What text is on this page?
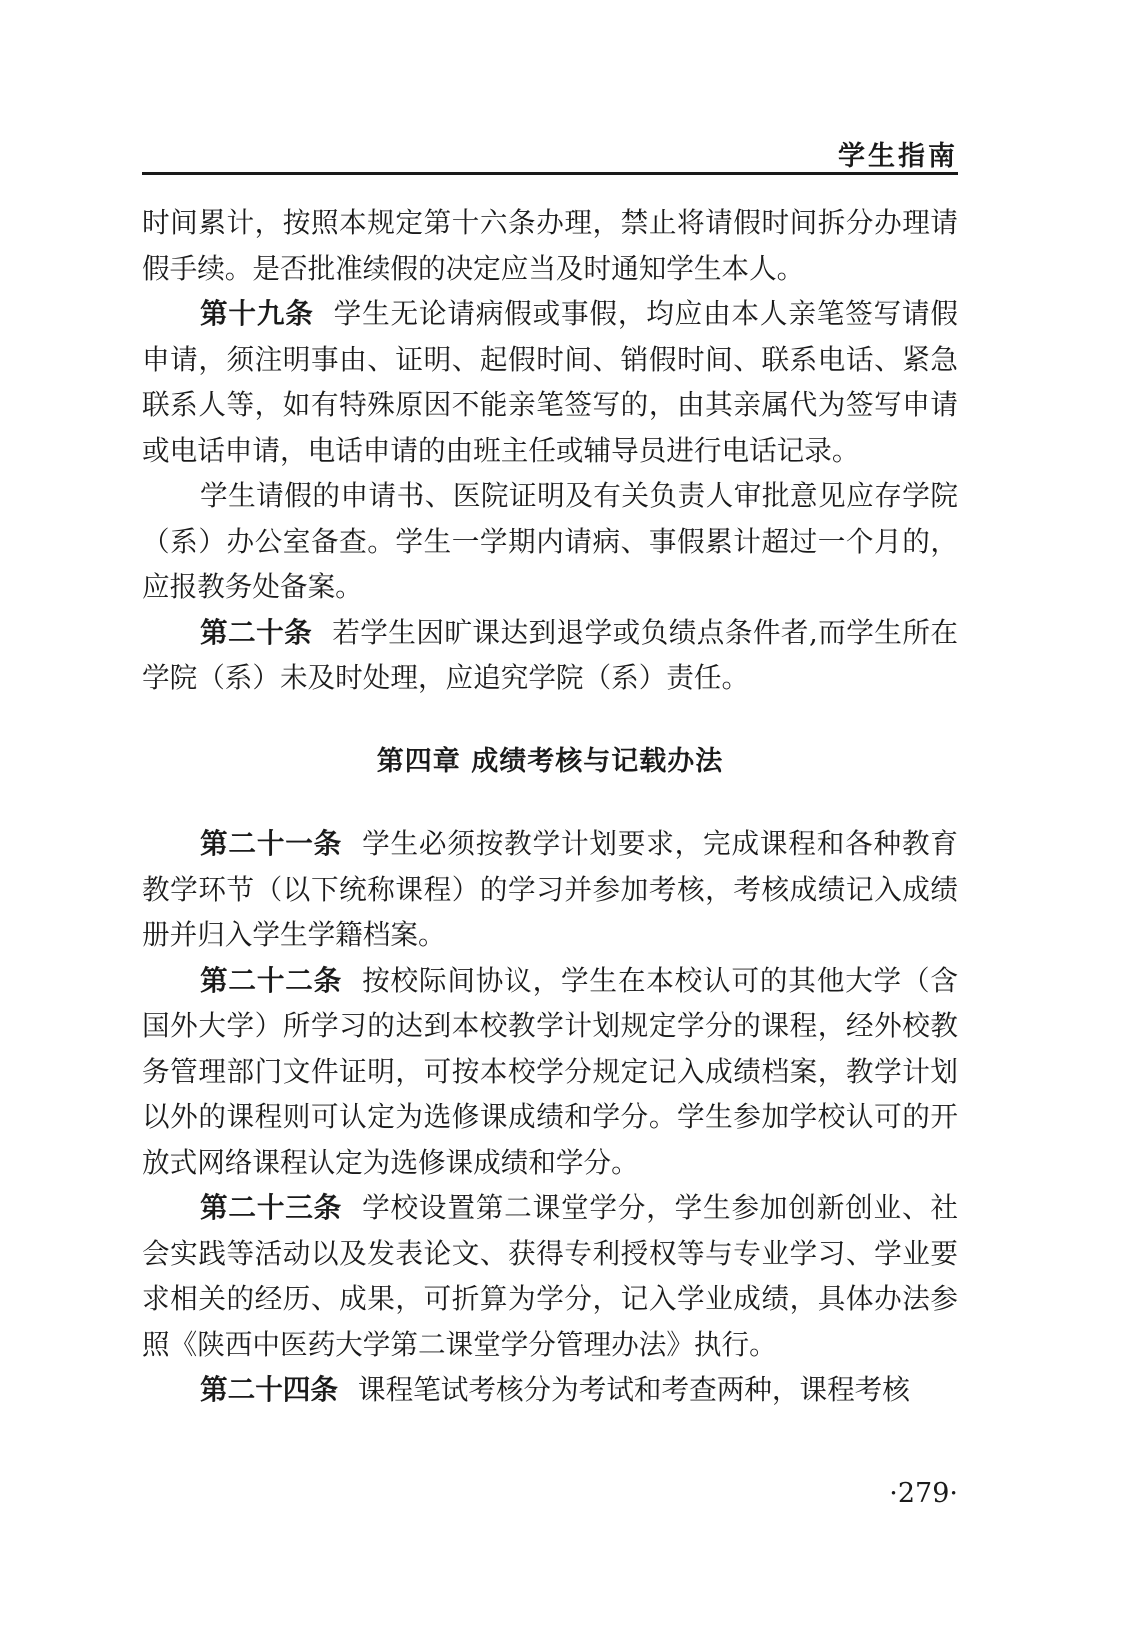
学生指南

时间累计，按照本规定第十六条办理，禁止将请假时间拆分办理请假手续。是否批准续假的决定应当及时通知学生本人。

第十九条 学生无论请病假或事假，均应由本人亲笔签写请假申请，须注明事由、证明、起假时间、销假时间、联系电话、紧急联系人等，如有特殊原因不能亲笔签写的，由其亲属代为签写申请或电话申请，电话申请的由班主任或辅导员进行电话记录。

学生请假的申请书、医院证明及有关负责人审批意见应存学院（系）办公室备查。学生一学期内请病、事假累计超过一个月的，应报教务处备案。

第二十条 若学生因旷课达到退学或负绩点条件者,而学生所在学院（系）未及时处理，应追究学院（系）责任。

第四章 成绩考核与记载办法

第二十一条 学生必须按教学计划要求，完成课程和各种教育教学环节（以下统称课程）的学习并参加考核，考核成绩记入成绩册并归入学生学籍档案。

第二十二条 按校际间协议，学生在本校认可的其他大学（含国外大学）所学习的达到本校教学计划规定学分的课程，经外校教务管理部门文件证明，可按本校学分规定记入成绩档案，教学计划以外的课程则可认定为选修课成绩和学分。学生参加学校认可的开放式网络课程认定为选修课成绩和学分。

第二十三条 学校设置第二课堂学分，学生参加创新创业、社会实践等活动以及发表论文、获得专利授权等与专业学习、学业要求相关的经历、成果，可折算为学分，记入学业成绩，具体办法参照《陕西中医药大学第二课堂学分管理办法》执行。

第二十四条 课程笔试考核分为考试和考查两种，课程考核

·279·
